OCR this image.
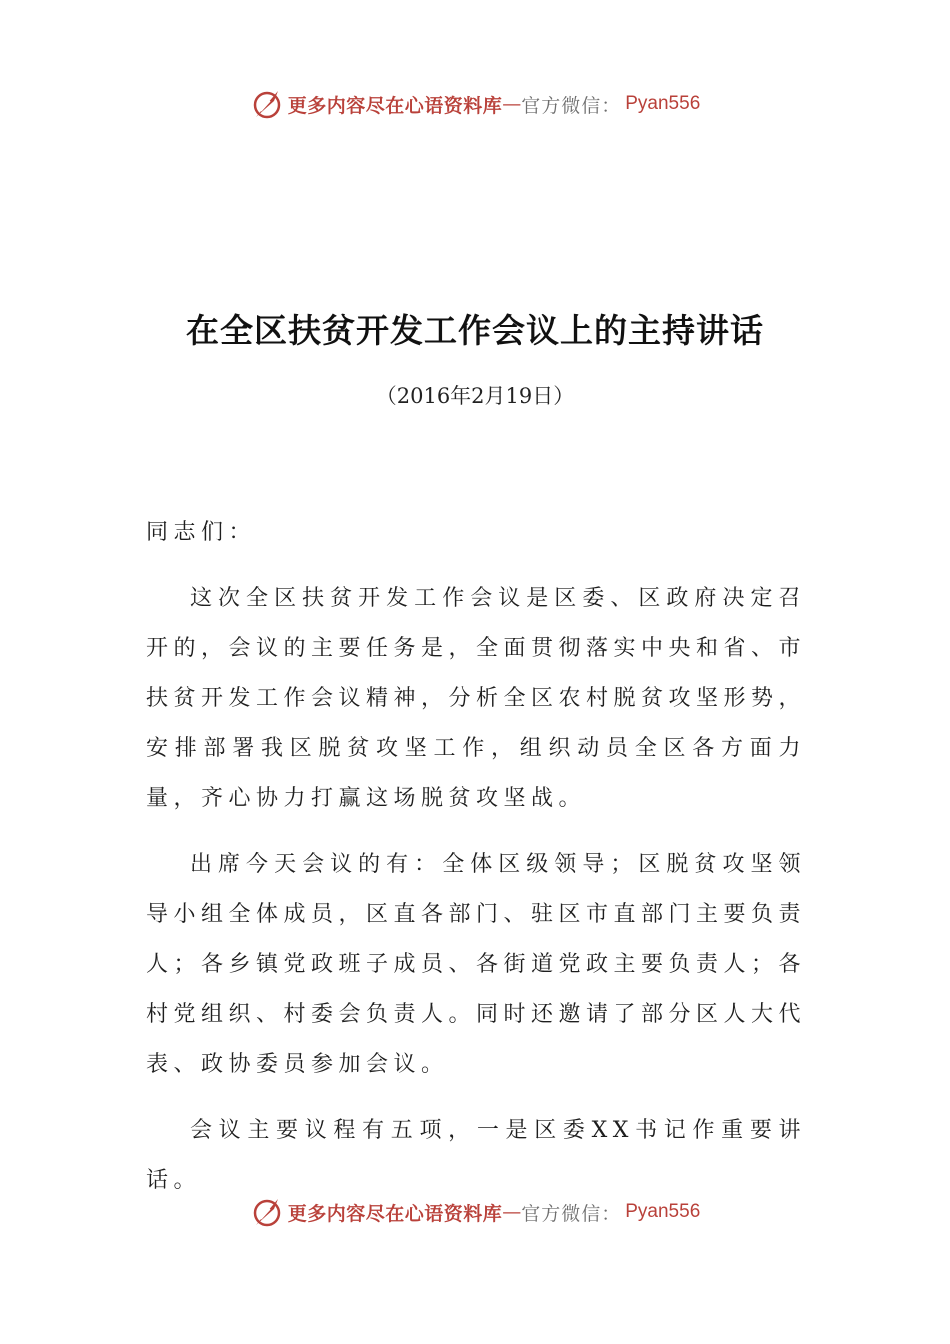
更多内容尽在心语资料库 — 官方微信： Pyan556
在全区扶贫开发工作会议上的主持讲话
（2016年2月19日）

同志们：

这次全区扶贫开发工作会议是区委、区政府决定召开的，会议的主要任务是，全面贯彻落实中央和省、市扶贫开发工作会议精神，分析全区农村脱贫攻坚形势，安排部署我区脱贫攻坚工作，组织动员全区各方面力量，齐心协力打赢这场脱贫攻坚战。

出席今天会议的有：全体区级领导；区脱贫攻坚领导小组全体成员，区直各部门、驻区市直部门主要负责人；各乡镇党政班子成员、各街道党政主要负责人；各村党组织、村委会负责人。同时还邀请了部分区人大代表、政协委员参加会议。

会议主要议程有五项，一是区委XX书记作重要讲话。

更多内容尽在心语资料库 — 官方微信： Pyan556
